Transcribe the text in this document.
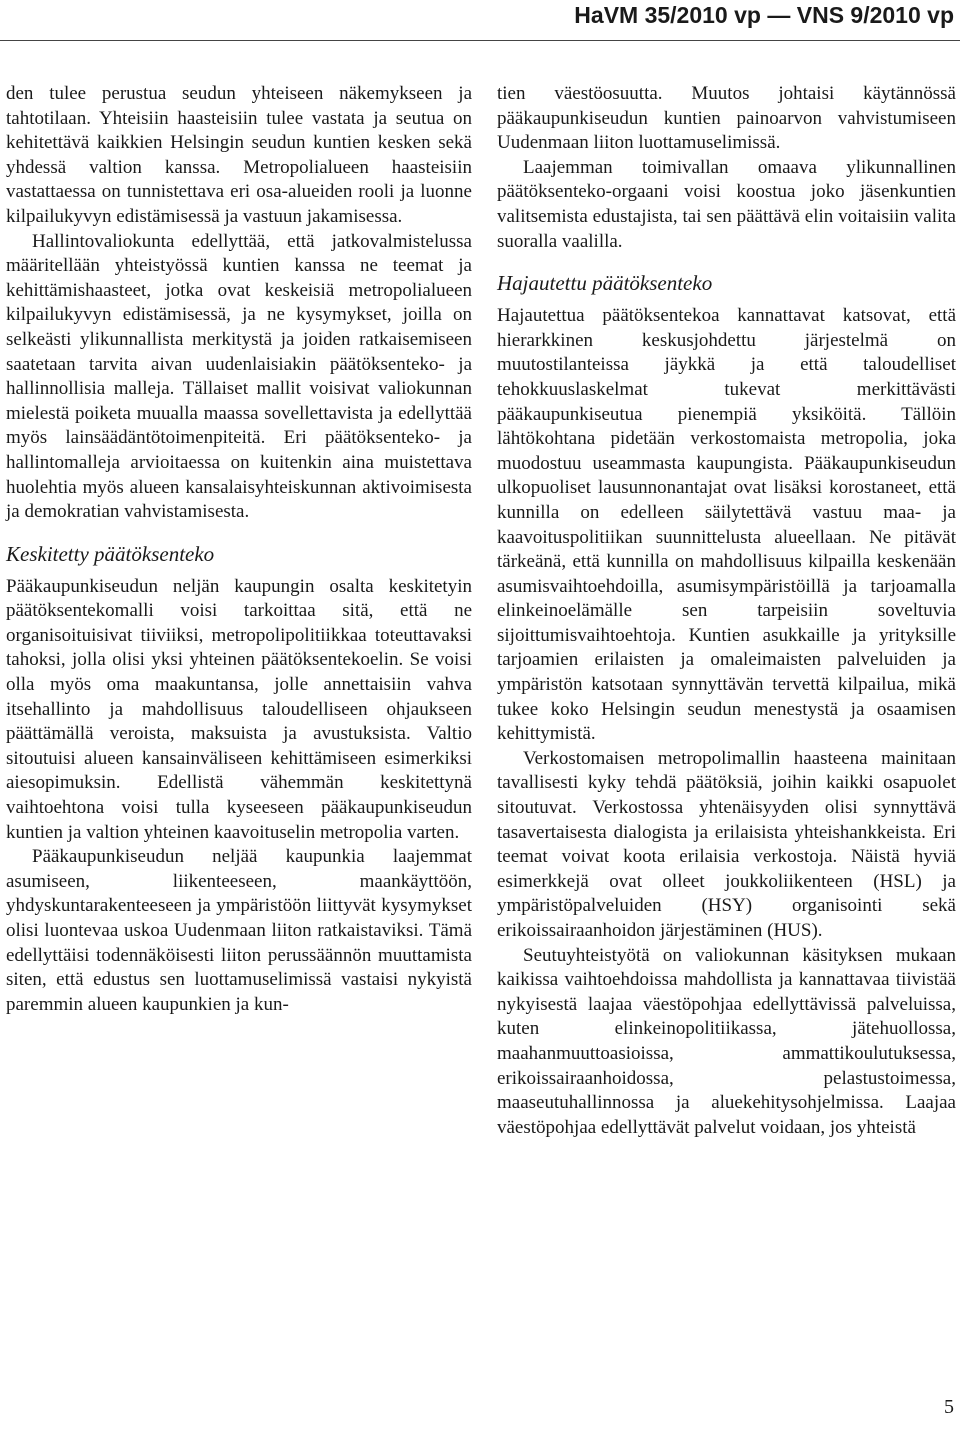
HaVM 35/2010 vp — VNS 9/2010 vp

den tulee perustua seudun yhteiseen näkemykseen ja tahtotilaan. Yhteisiin haasteisiin tulee vastata ja seutua on kehitettävä kaikkien Helsingin seudun kuntien kesken sekä yhdessä valtion kanssa. Metropolialueen haasteisiin vastattaessa on tunnistettava eri osa-alueiden rooli ja luonne kilpailukyvyn edistämisessä ja vastuun jakamisessa.

Hallintovaliokunta edellyttää, että jatkovalmistelussa määritellään yhteistyössä kuntien kanssa ne teemat ja kehittämishaasteet, jotka ovat keskeisiä metropolialueen kilpailukyvyn edistämisessä, ja ne kysymykset, joilla on selkeästi ylikunnallista merkitystä ja joiden ratkaisemiseen saatetaan tarvita aivan uudenlaisiakin päätöksenteko- ja hallinnollisia malleja. Tällaiset mallit voisivat valiokunnan mielestä poiketa muualla maassa sovellettavista ja edellyttää myös lainsäädäntötoimenpiteitä. Eri päätöksenteko- ja hallintomalleja arvioitaessa on kuitenkin aina muistettava huolehtia myös alueen kansalaisyhteiskunnan aktivoimisesta ja demokratian vahvistamisesta.

Keskitetty päätöksenteko

Pääkaupunkiseudun neljän kaupungin osalta keskitetyin päätöksentekomalli voisi tarkoittaa sitä, että ne organisoituisivat tiiviiksi, metropolipolitiikkaa toteuttavaksi tahoksi, jolla olisi yksi yhteinen päätöksentekoelin. Se voisi olla myös oma maakuntansa, jolle annettaisiin vahva itsehallinto ja mahdollisuus taloudelliseen ohjaukseen päättämällä veroista, maksuista ja avustuksista. Valtio sitoutuisi alueen kansainväliseen kehittämiseen esimerkiksi aiesopimuksin. Edellistä vähemmän keskitettynä vaihtoehtona voisi tulla kyseeseen pääkaupunkiseudun kuntien ja valtion yhteinen kaavoituselin metropolia varten.

Pääkaupunkiseudun neljää kaupunkia laajemmat asumiseen, liikenteeseen, maankäyttöön, yhdyskuntarakenteeseen ja ympäristöön liittyvät kysymykset olisi luontevaa uskoa Uudenmaan liiton ratkaistaviksi. Tämä edellyttäisi todennäköisesti liiton perussäännön muuttamista siten, että edustus sen luottamuselimissä vastaisi nykyistä paremmin alueen kaupunkien ja kun-

tien väestöosuutta. Muutos johtaisi käytännössä pääkaupunkiseudun kuntien painoarvon vahvistumiseen Uudenmaan liiton luottamuselimissä.

Laajemman toimivallan omaava ylikunnallinen päätöksenteko-orgaani voisi koostua joko jäsenkuntien valitsemista edustajista, tai sen päättävä elin voitaisiin valita suoralla vaalilla.

Hajautettu päätöksenteko

Hajautettua päätöksentekoa kannattavat katsovat, että hierarkkinen keskusjohdettu järjestelmä on muutostilanteissa jäykkä ja että taloudelliset tehokkuuslaskelmat tukevat merkittävästi pääkaupunkiseutua pienempiä yksiköitä. Tällöin lähtökohtana pidetään verkostomaista metropolia, joka muodostuu useammasta kaupungista. Pääkaupunkiseudun ulkopuoliset lausunnonantajat ovat lisäksi korostaneet, että kunnilla on edelleen säilytettävä vastuu maa- ja kaavoituspolitiikan suunnittelusta alueellaan. Ne pitävät tärkeänä, että kunnilla on mahdollisuus kilpailla keskenään asumisvaihtoehdoilla, asumisympäristöillä ja tarjoamalla elinkeinoelämälle sen tarpeisiin soveltuvia sijoittumisvaihtoehtoja. Kuntien asukkaille ja yrityksille tarjoamien erilaisten ja omaleimaisten palveluiden ja ympäristön katsotaan synnyttävän tervettä kilpailua, mikä tukee koko Helsingin seudun menestystä ja osaamisen kehittymistä.

Verkostomaisen metropolimallin haasteena mainitaan tavallisesti kyky tehdä päätöksiä, joihin kaikki osapuolet sitoutuvat. Verkostossa yhtenäisyyden olisi synnyttävä tasavertaisesta dialogista ja erilaisista yhteishankkeista. Eri teemat voivat koota erilaisia verkostoja. Näistä hyviä esimerkkejä ovat olleet joukkoliikenteen (HSL) ja ympäristöpalveluiden (HSY) organisointi sekä erikoissairaanhoidon järjestäminen (HUS).

Seutuyhteistyötä on valiokunnan käsityksen mukaan kaikissa vaihtoehdoissa mahdollista ja kannattavaa tiivistää nykyisestä laajaa väestöpohjaa edellyttävissä palveluissa, kuten elinkeinopolitiikassa, jätehuollossa, maahanmuuttoasioissa, ammattikoulutuksessa, erikoissairaanhoidossa, pelastustoimessa, maaseutuhallinnossa ja aluekehitysohjelmissa. Laajaa väestöpohjaa edellyttävät palvelut voidaan, jos yhteistä

5
